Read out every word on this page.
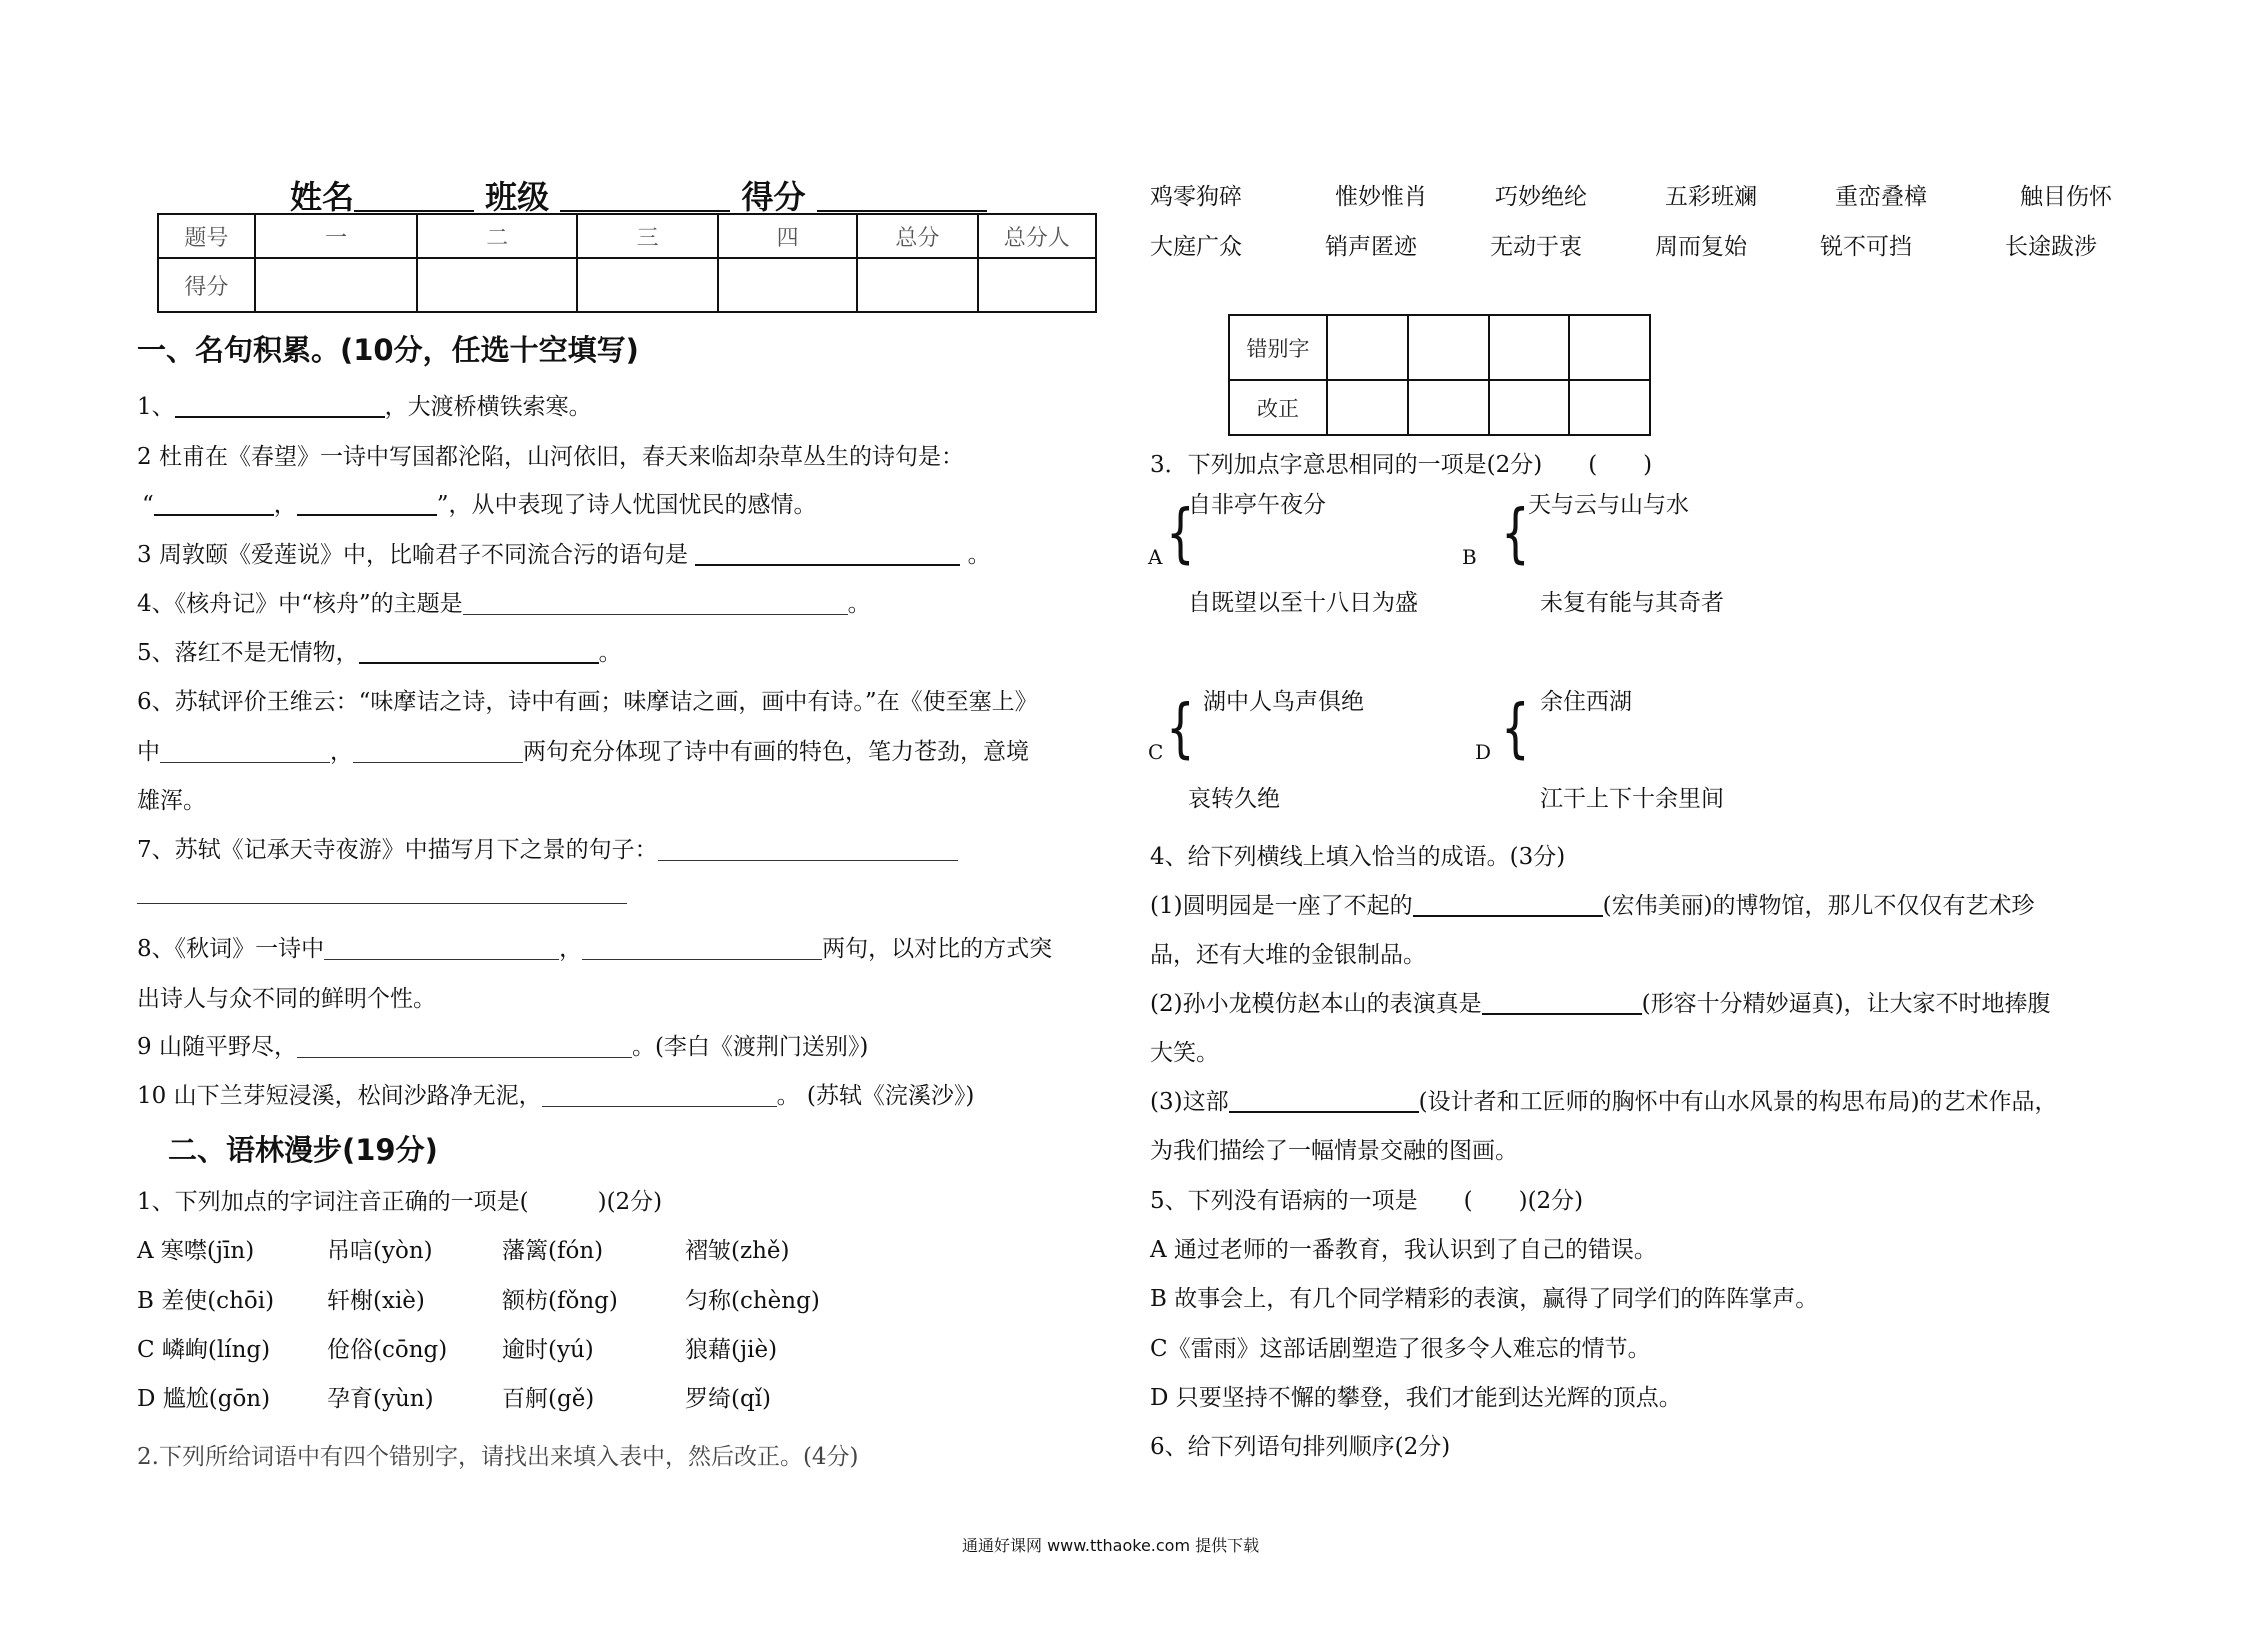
姓名	班级	得分
题号	一	二	三	四	总分	总分人
得分						
一、名句积累。(10分，任选十空填写)
1、	，大渡桥横铁索寒。
2 杜甫在《春望》一诗中写国都沦陷，山河依旧，春天来临却杂草丛生的诗句是：
“	，	”，从中表现了诗人忧国忧民的感情。
3 周敦颐《爱莲说》中，比喻君子不同流合污的语句是	。
4、《核舟记》中“核舟”的主题是	。
5、落红不是无情物，	。
6、苏轼评价王维云：“味摩诘之诗，诗中有画；味摩诘之画，画中有诗。”在《使至塞上》
中	，	两句充分体现了诗中有画的特色，笔力苍劲，意境
雄浑。
7、苏轼《记承天寺夜游》中描写月下之景的句子：
8、《秋词》一诗中	，	两句，以对比的方式突
出诗人与众不同的鲜明个性。
9 山随平野尽，	。(李白《渡荆门送别》)
10 山下兰芽短浸溪，松间沙路净无泥，	。 (苏轼《浣溪沙》)
二、语林漫步(19分)
1、下列加点的字词注音正确的一项是(　　　)(2分)
A 寒噤(jīn)	吊唁(yòn)	藩篱(fón)	褶皱(zhě)
B 差使(chōi) 轩榭(xiè)	额枋(fǒng)	匀称(chèng)
C 嶙峋(líng) 伧俗(cōng) 逾时(yú)	狼藉(jiè)
D 尴尬(gōn) 孕育(yùn)	百舸(gě)	罗绮(qǐ)
2.下列所给词语中有四个错别字，请找出来填入表中，然后改正。(4分)
鸡零狗碎	惟妙惟肖	巧妙绝纶	五彩班斓	重峦叠樟	触目伤怀
大庭广众	销声匿迹	无动于衷	周而复始	锐不可挡	长途跋涉
错别字				
改正				
3．下列加点字意思相同的一项是(2分)　　(　　)
自非亭午夜分
{
A
自既望以至十八日为盛
天与云与山与水
{
B
未复有能与其奇者
湖中人鸟声俱绝
{
C
哀转久绝
余住西湖
{
D
江干上下十余里间
4、给下列横线上填入恰当的成语。(3分)
(1)圆明园是一座了不起的	(宏伟美丽)的博物馆，那儿不仅仅有艺术珍
品，还有大堆的金银制品。
(2)孙小龙模仿赵本山的表演真是	(形容十分精妙逼真)，让大家不时地捧腹
大笑。
(3)这部	(设计者和工匠师的胸怀中有山水风景的构思布局)的艺术作品，
为我们描绘了一幅情景交融的图画。
5、下列没有语病的一项是　　(　　)(2分)
A 通过老师的一番教育，我认识到了自己的错误。
B 故事会上，有几个同学精彩的表演，赢得了同学们的阵阵掌声。
C《雷雨》这部话剧塑造了很多令人难忘的情节。
D 只要坚持不懈的攀登，我们才能到达光辉的顶点。
6、给下列语句排列顺序(2分)
通通好课网 www.tthaoke.com 提供下载
